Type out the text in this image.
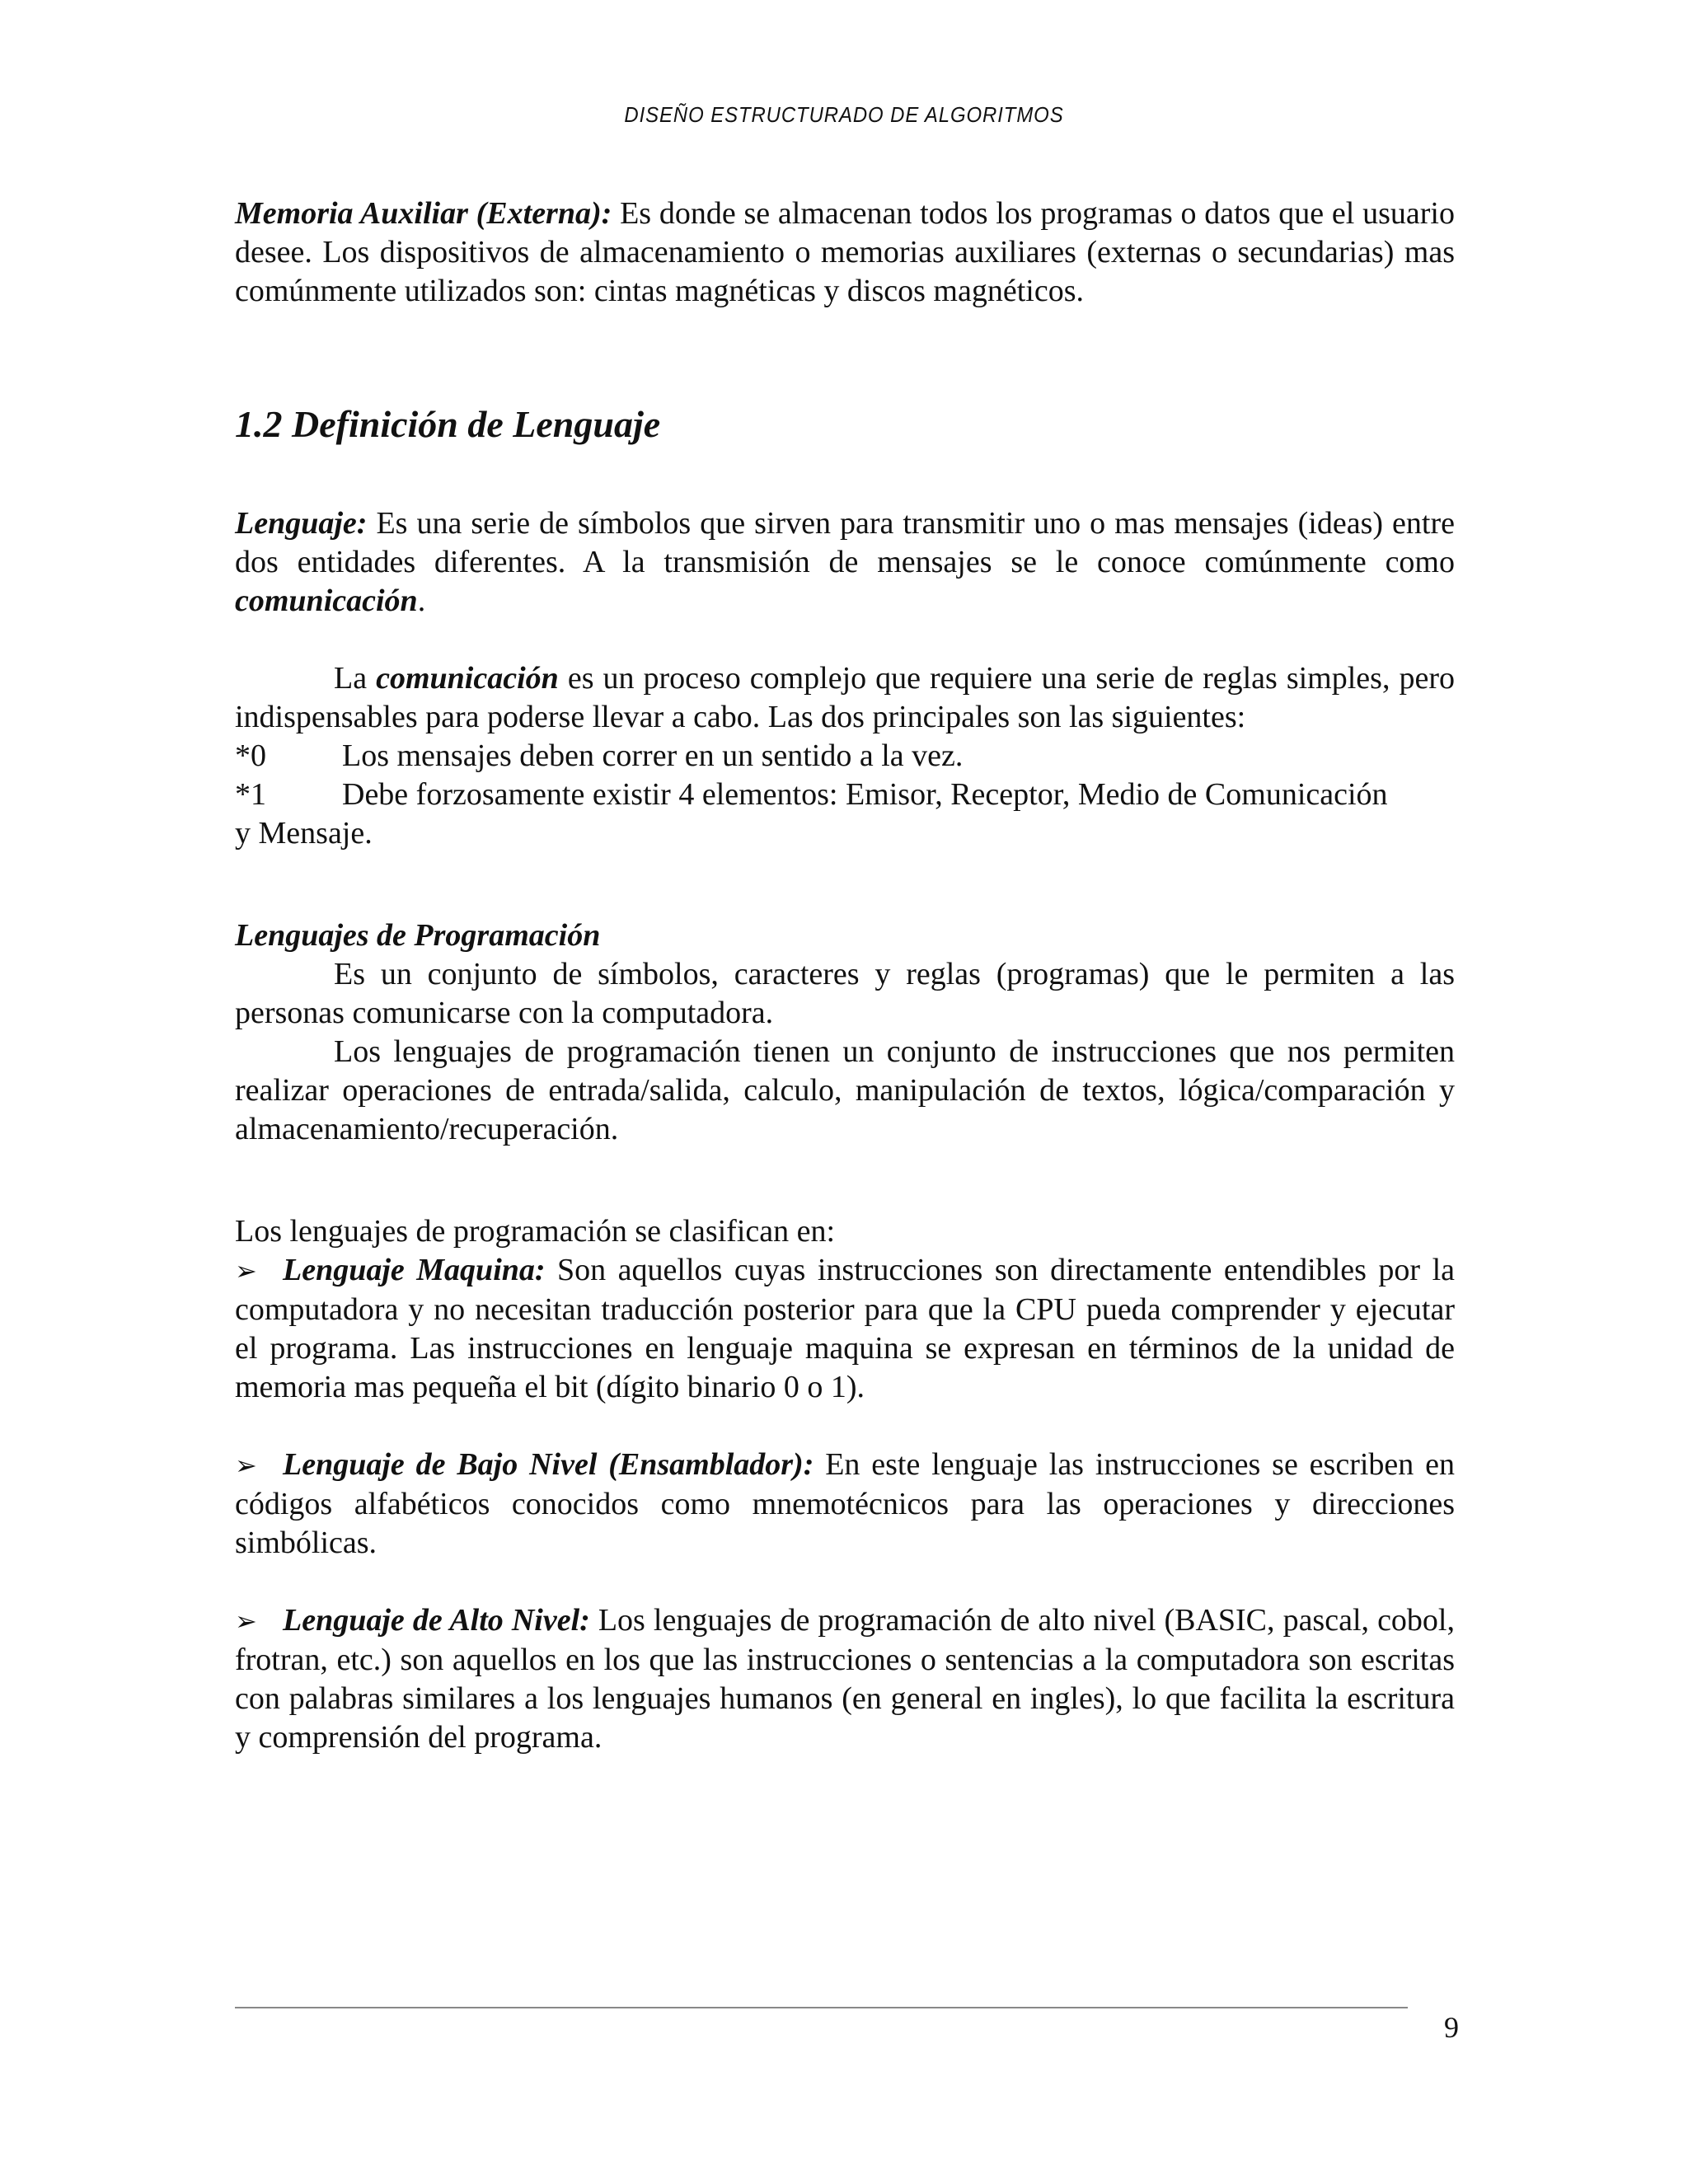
DISEÑO ESTRUCTURADO DE ALGORITMOS

Memoria Auxiliar (Externa): Es donde se almacenan todos los programas o datos que el usuario desee. Los dispositivos de almacenamiento o memorias auxiliares (externas o secundarias) mas comúnmente utilizados son: cintas magnéticas y discos magnéticos.

1.2 Definición de Lenguaje

Lenguaje: Es una serie de símbolos que sirven para transmitir uno o mas mensajes (ideas) entre dos entidades diferentes. A la transmisión de mensajes se le conoce comúnmente como comunicación.

La comunicación es un proceso complejo que requiere una serie de reglas simples, pero indispensables para poderse llevar a cabo. Las dos principales son las siguientes:

*0	Los mensajes deben correr en un sentido a la vez.
*1	Debe forzosamente existir 4 elementos: Emisor, Receptor, Medio de Comunicación

y Mensaje.

Lenguajes de Programación

Es un conjunto de símbolos, caracteres y reglas (programas) que le permiten a las personas comunicarse con la computadora.

Los lenguajes de programación tienen un conjunto de instrucciones que nos permiten realizar operaciones de entrada/salida, calculo, manipulación de textos, lógica/comparación y almacenamiento/recuperación.

Los lenguajes de programación se clasifican en:

➢ Lenguaje Maquina: Son aquellos cuyas instrucciones son directamente entendibles por la computadora y no necesitan traducción posterior para que la CPU pueda comprender y ejecutar el programa. Las instrucciones en lenguaje maquina se expresan en términos de la unidad de memoria mas pequeña el bit (dígito binario 0 o 1).

➢ Lenguaje de Bajo Nivel (Ensamblador): En este lenguaje las instrucciones se escriben en códigos alfabéticos conocidos como mnemotécnicos para las operaciones y direcciones simbólicas.

➢ Lenguaje de Alto Nivel: Los lenguajes de programación de alto nivel (BASIC, pascal, cobol, frotran, etc.) son aquellos en los que las instrucciones o sentencias a la computadora son escritas con palabras similares a los lenguajes humanos (en general en ingles), lo que facilita la escritura y comprensión del programa.

9
